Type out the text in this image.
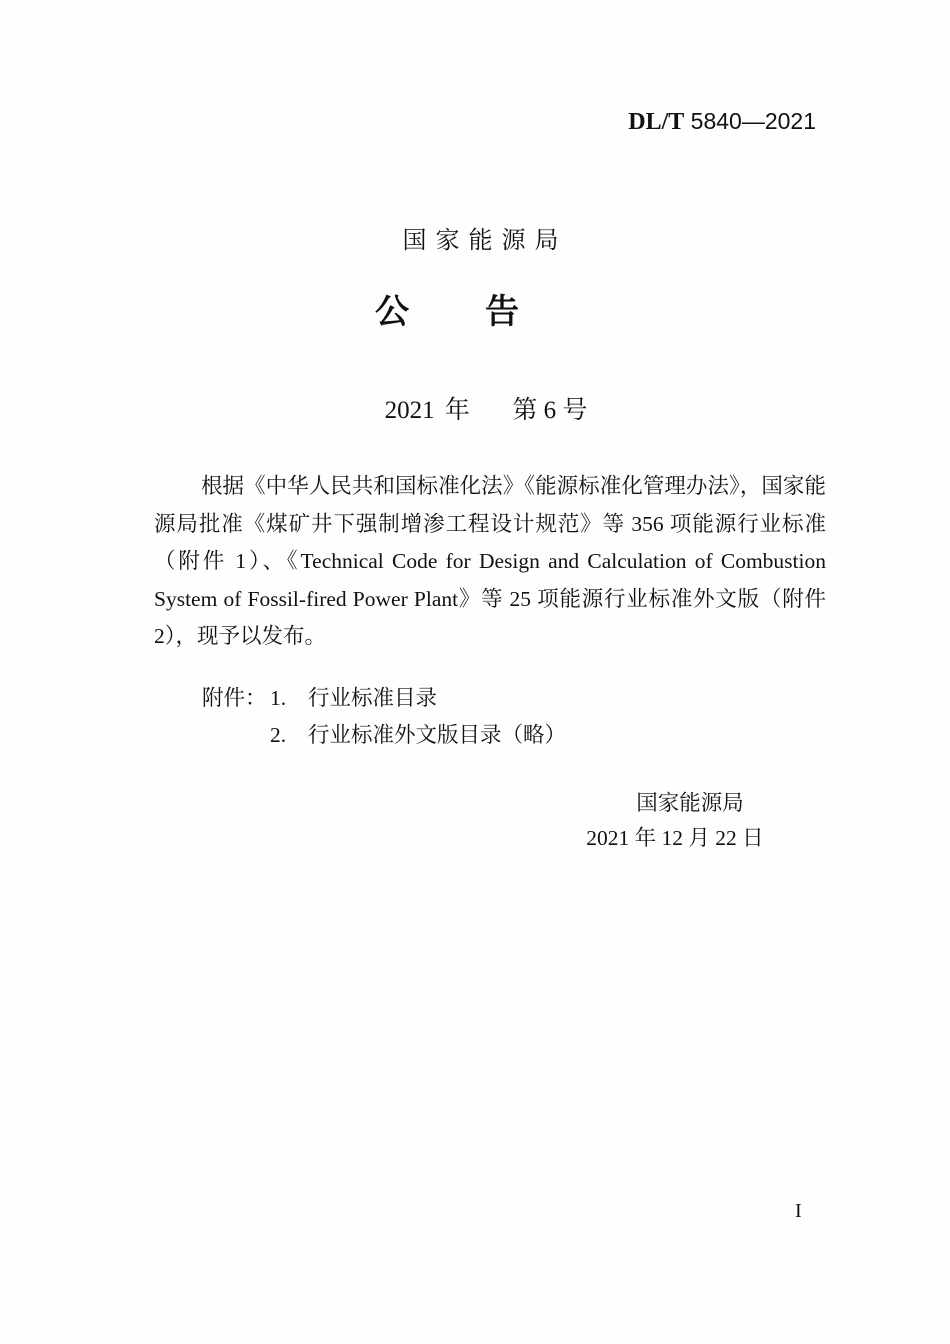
DL/T 5840—2021
国家能源局
公告
2021 年 第 6 号
根据《中华人民共和国标准化法》《能源标准化管理办法》，国家能源局批准《煤矿井下强制增渗工程设计规范》等 356 项能源行业标准（附件 1）、《Technical Code for Design and Calculation of Combustion System of Fossil-fired Power Plant》等 25 项能源行业标准外文版（附件 2），现予以发布。
附件： 1. 行业标准目录
2. 行业标准外文版目录（略）
国家能源局
2021 年 12 月 22 日
I
